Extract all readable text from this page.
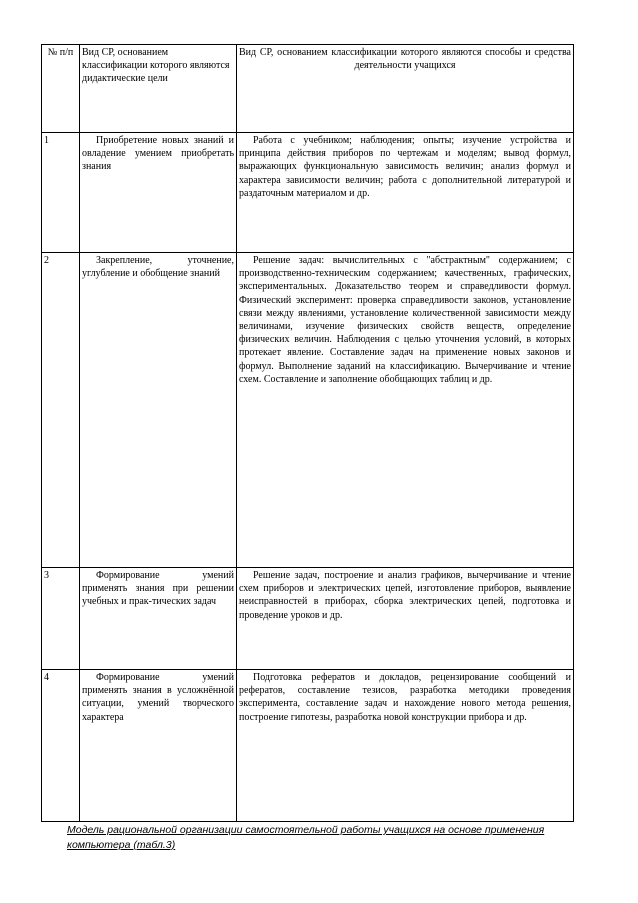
№ п/п	Вид СР, основанием классификации которого являются дидактические цели	Вид СР, основанием классификации которого являются способы и средства деятельности учащихся
1	Приобретение новых знаний и овладение умением приобретать знания	Работа с учебником; наблюдения; опыты; изучение устройства и принципа действия приборов по чертежам и моделям; вывод формул, выражающих функциональную зависимость величин; анализ формул и характера зависимости величин; работа с дополнительной литературой и раздаточным материалом и др.
2	Закрепление, уточнение, углубление и обобщение знаний	Решение задач: вычислительных с "абстрактным" содержанием; с производственно-техническим содержанием; качественных, графических, экспериментальных. Доказательство теорем и справедливости формул. Физический эксперимент: проверка справедливости законов, установление связи между явлениями, установление количественной зависимости между величинами, изучение физических свойств веществ, определение физических величин. Наблюдения с целью уточнения условий, в которых протекает явление. Составление задач на применение новых законов и формул. Выполнение заданий на классификацию. Вычерчивание и чтение схем. Составление и заполнение обобщающих таблиц и др.
3	Формирование умений применять знания при решении учебных и прак-тических задач	Решение задач, построение и анализ графиков, вычерчивание и чтение схем приборов и электрических цепей, изготовление приборов, выявление неисправностей в приборах, сборка электрических цепей, подготовка и проведение уроков и др.
4	Формирование умений применять знания в усложнённой ситуации, умений творческого характера	Подготовка рефератов и докладов, рецензирование сообщений и рефератов, составление тезисов, разработка методики проведения эксперимента, составление задач и нахождение нового метода решения, построение гипотезы, разработка новой конструкции прибора и др.
Модель рациональной организации самостоятельной работы учащихся на основе применения компьютера (табл.3)
